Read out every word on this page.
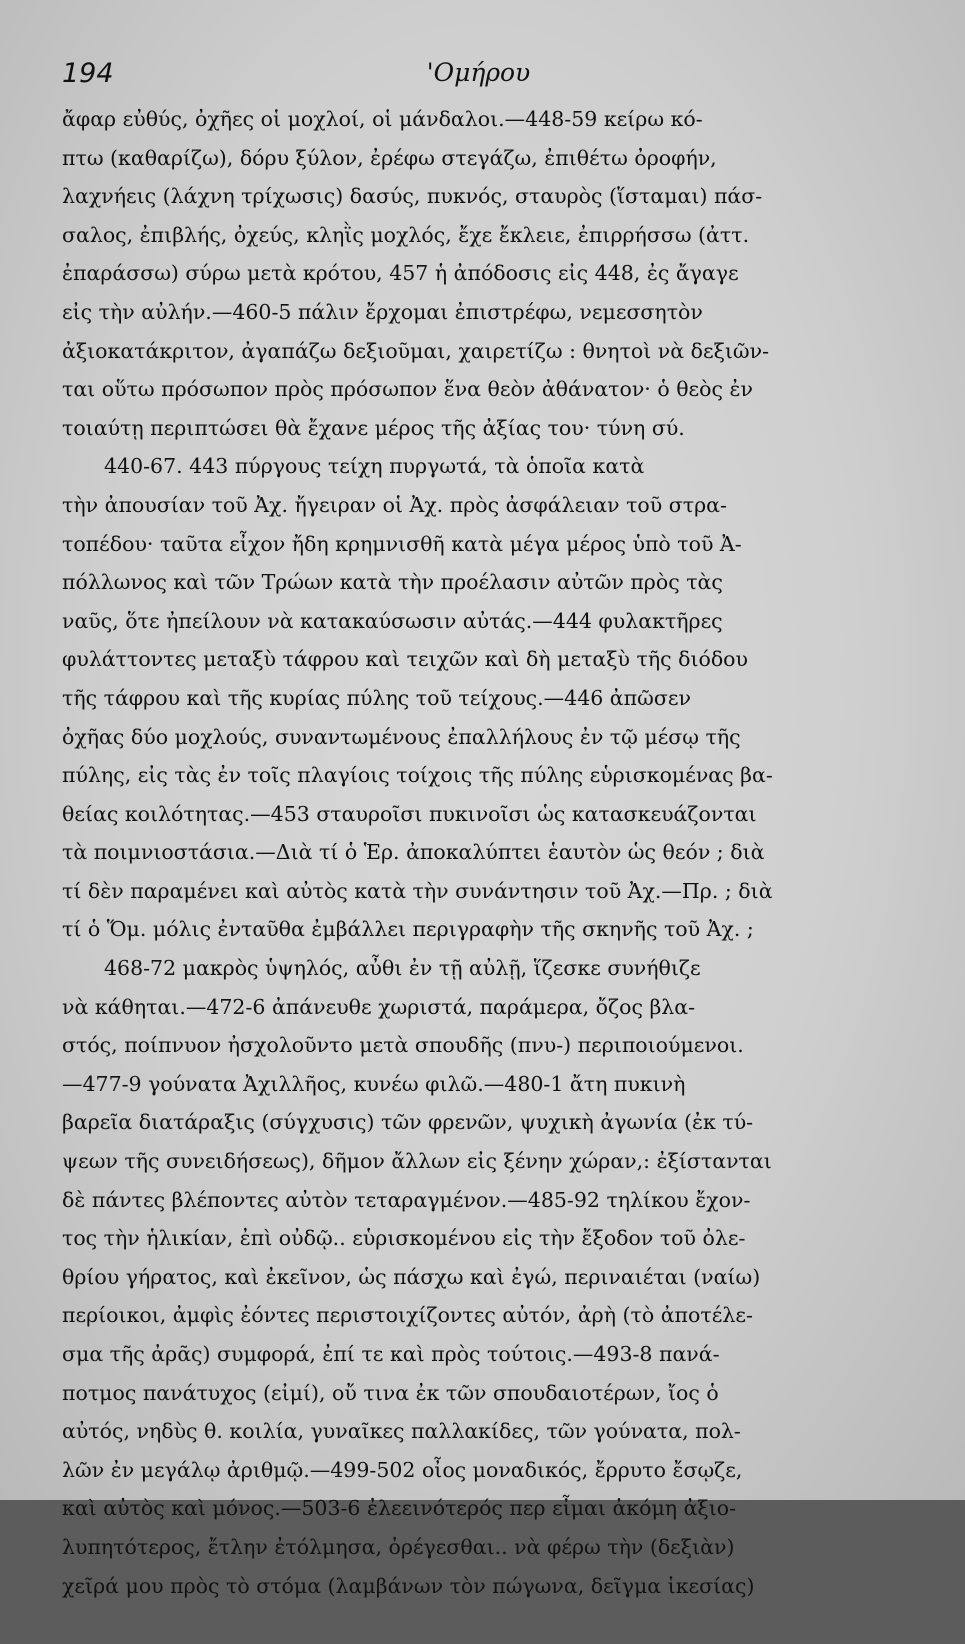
194	'Ομήρου
ἄφαρ εὐθύς, ὀχῆες οἱ μοχλοί, οἱ μάνδαλοι.—448-59 κείρω κό-
πτω (καθαρίζω), δόρυ ξύλον, ἐρέφω στεγάζω, ἐπιθέτω ὀροφήν,
λαχνήεις (λάχνη τρίχωσις) δασύς, πυκνός, σταυρὸς (ἵσταμαι) πάσ-
σαλος, ἐπιβλής, ὀχεύς, κληῒς μοχλός, ἔχε ἔκλειε, ἐπιρρήσσω (ἀττ.
ἐπαράσσω) σύρω μετὰ κρότου, 457 ἡ ἀπόδοσις εἰς 448, ἐς ἄγαγε
εἰς τὴν αὐλήν.—460-5 πάλιν ἔρχομαι ἐπιστρέφω, νεμεσσητὸν
ἀξιοκατάκριτον, ἀγαπάζω δεξιοῦμαι, χαιρετίζω : θνητοὶ νὰ δεξιῶν-
ται οὕτω πρόσωπον πρὸς πρόσωπον ἕνα θεὸν ἀθάνατον· ὁ θεὸς ἐν
τοιαύτῃ περιπτώσει θὰ ἔχανε μέρος τῆς ἀξίας του· τύνη σύ.
440-67. 443 πύργους τείχη πυργωτά, τὰ ὁποῖα κατὰ
τὴν ἀπουσίαν τοῦ Ἀχ. ἤγειραν οἱ Ἀχ. πρὸς ἀσφάλειαν τοῦ στρα-
τοπέδου· ταῦτα εἶχον ἤδη κρημνισθῆ κατὰ μέγα μέρος ὑπὸ τοῦ Ἀ-
πόλλωνος καὶ τῶν Τρώων κατὰ τὴν προέλασιν αὐτῶν πρὸς τὰς
ναῦς, ὅτε ἠπείλουν νὰ κατακαύσωσιν αὐτάς.—444 φυλακτῆρες
φυλάττοντες μεταξὺ τάφρου καὶ τειχῶν καὶ δὴ μεταξὺ τῆς διόδου
τῆς τάφρου καὶ τῆς κυρίας πύλης τοῦ τείχους.—446 ἀπῶσεν
ὀχῆας δύο μοχλούς, συναντωμένους ἐπαλλήλους ἐν τῷ μέσῳ τῆς
πύλης, εἰς τὰς ἐν τοῖς πλαγίοις τοίχοις τῆς πύλης εὑρισκομένας βα-
θείας κοιλότητας.—453 σταυροῖσι πυκινοῖσι ὡς κατασκευάζονται
τὰ ποιμνιοστάσια.—Διὰ τί ὁ Ἑρ. ἀποκαλύπτει ἑαυτὸν ὡς θεόν ; διὰ
τί δὲν παραμένει καὶ αὐτὸς κατὰ τὴν συνάντησιν τοῦ Ἀχ.—Πρ. ; διὰ
τί ὁ Ὅμ. μόλις ἐνταῦθα ἐμβάλλει περιγραφὴν τῆς σκηνῆς τοῦ Ἀχ. ;
468-72 μακρὸς ὑψηλός, αὖθι ἐν τῇ αὐλῇ, ἵζεσκε συνήθιζε
νὰ κάθηται.—472-6 ἀπάνευθε χωριστά, παράμερα, ὄζος βλα-
στός, ποίπνυον ἠσχολοῦντο μετὰ σπουδῆς (πνυ-) περιποιούμενοι.
—477-9 γούνατα Ἀχιλλῆος, κυνέω φιλῶ.—480-1 ἄτη πυκινὴ
βαρεῖα διατάραξις (σύγχυσις) τῶν φρενῶν, ψυχικὴ ἀγωνία (ἐκ τύ-
ψεων τῆς συνειδήσεως), δῆμον ἄλλων εἰς ξένην χώραν,: ἐξίστανται
δὲ πάντες βλέποντες αὐτὸν τεταραγμένον.—485-92 τηλίκου ἔχον-
τος τὴν ἡλικίαν, ἐπὶ οὐδῷ.. εὑρισκομένου εἰς τὴν ἔξοδον τοῦ ὀλε-
θρίου γήρατος, καὶ ἐκεῖνον, ὡς πάσχω καὶ ἐγώ, περιναιέται (ναίω)
περίοικοι, ἀμφὶς ἐόντες περιστοιχίζοντες αὐτόν, ἀρὴ (τὸ ἀποτέλε-
σμα τῆς ἀρᾶς) συμφορά, ἐπί τε καὶ πρὸς τούτοις.—493-8 πανά-
ποτμος πανάτυχος (εἰμί), οὔ τινα ἐκ τῶν σπουδαιοτέρων, ἴος ὁ
αὐτός, νηδὺς θ. κοιλία, γυναῖκες παλλακίδες, τῶν γούνατα, πολ-
λῶν ἐν μεγάλῳ ἀριθμῷ.—499-502 οἶος μοναδικός, ἔρρυτο ἔσῳζε,
καὶ αὐτὸς καὶ μόνος.—503-6 ἐλεεινότερός περ εἶμαι ἀκόμη ἀξιο-
λυπητότερος, ἔτλην ἐτόλμησα, ὀρέγεσθαι.. νὰ φέρω τὴν (δεξιὰν)
χεῖρά μου πρὸς τὸ στόμα (λαμβάνων τὸν πώγωνα, δεῖγμα ἱκεσίας)
